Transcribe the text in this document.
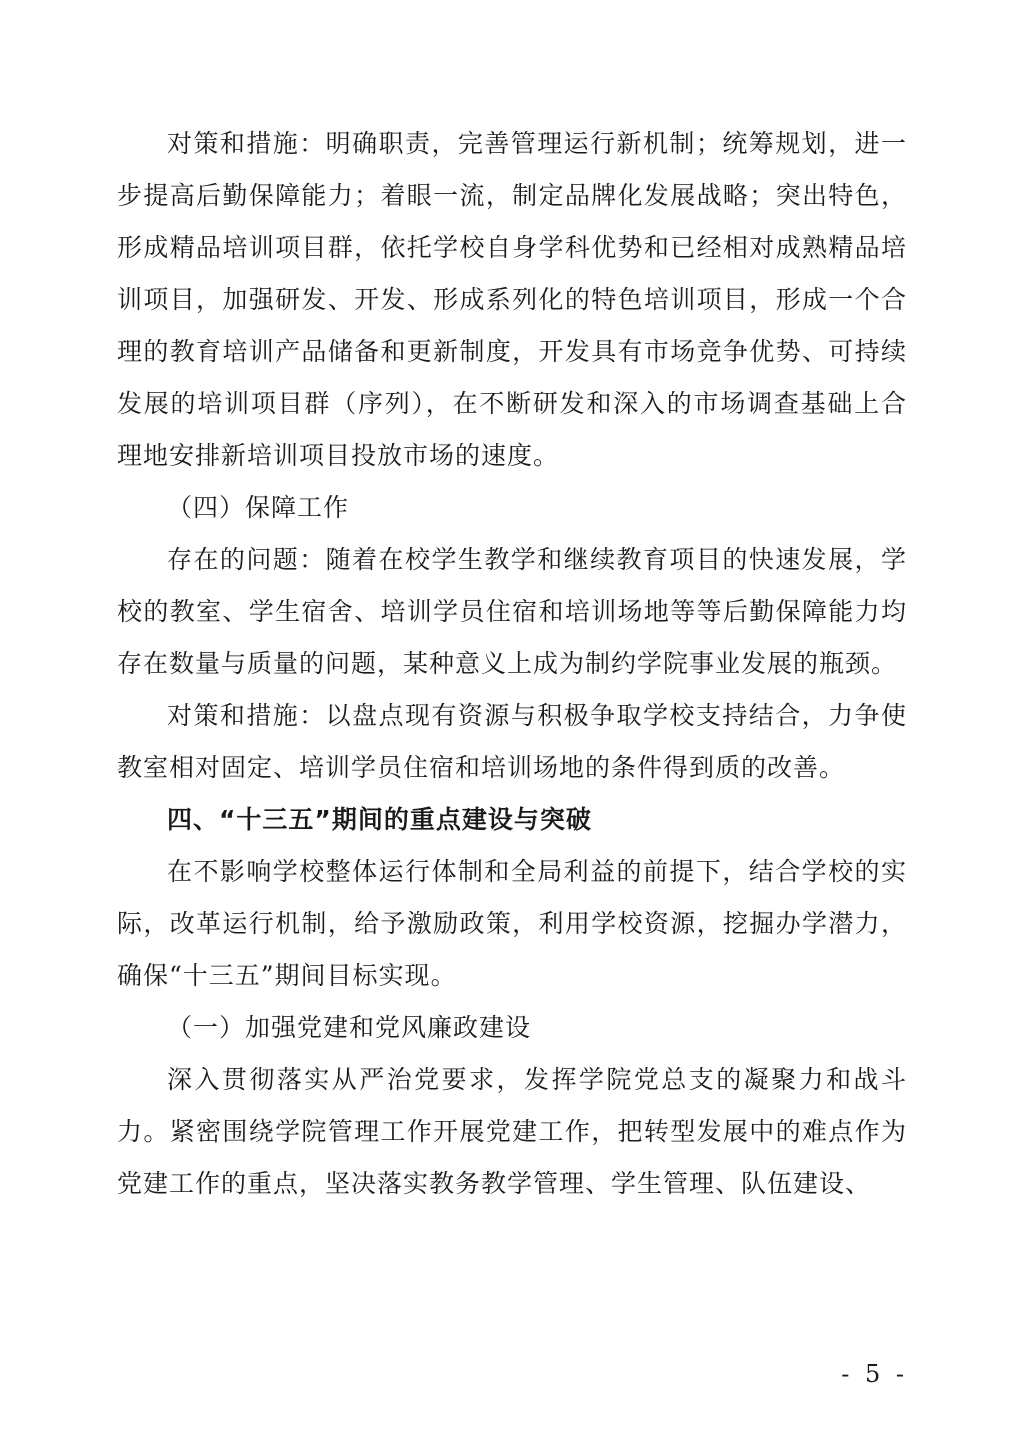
对策和措施：明确职责，完善管理运行新机制；统筹规划，进一步提高后勤保障能力；着眼一流，制定品牌化发展战略；突出特色，形成精品培训项目群，依托学校自身学科优势和已经相对成熟精品培训项目，加强研发、开发、形成系列化的特色培训项目，形成一个合理的教育培训产品储备和更新制度，开发具有市场竞争优势、可持续发展的培训项目群（序列），在不断研发和深入的市场调查基础上合理地安排新培训项目投放市场的速度。

（四）保障工作

存在的问题：随着在校学生教学和继续教育项目的快速发展，学校的教室、学生宿舍、培训学员住宿和培训场地等等后勤保障能力均存在数量与质量的问题，某种意义上成为制约学院事业发展的瓶颈。

对策和措施：以盘点现有资源与积极争取学校支持结合，力争使教室相对固定、培训学员住宿和培训场地的条件得到质的改善。

四、“十三五”期间的重点建设与突破

在不影响学校整体运行体制和全局利益的前提下，结合学校的实际，改革运行机制，给予激励政策，利用学校资源，挖掘办学潜力，确保“十三五”期间目标实现。

（一）加强党建和党风廉政建设

深入贯彻落实从严治党要求，发挥学院党总支的凝聚力和战斗力。紧密围绕学院管理工作开展党建工作，把转型发展中的难点作为党建工作的重点，坚决落实教务教学管理、学生管理、队伍建设、

- 5 -
